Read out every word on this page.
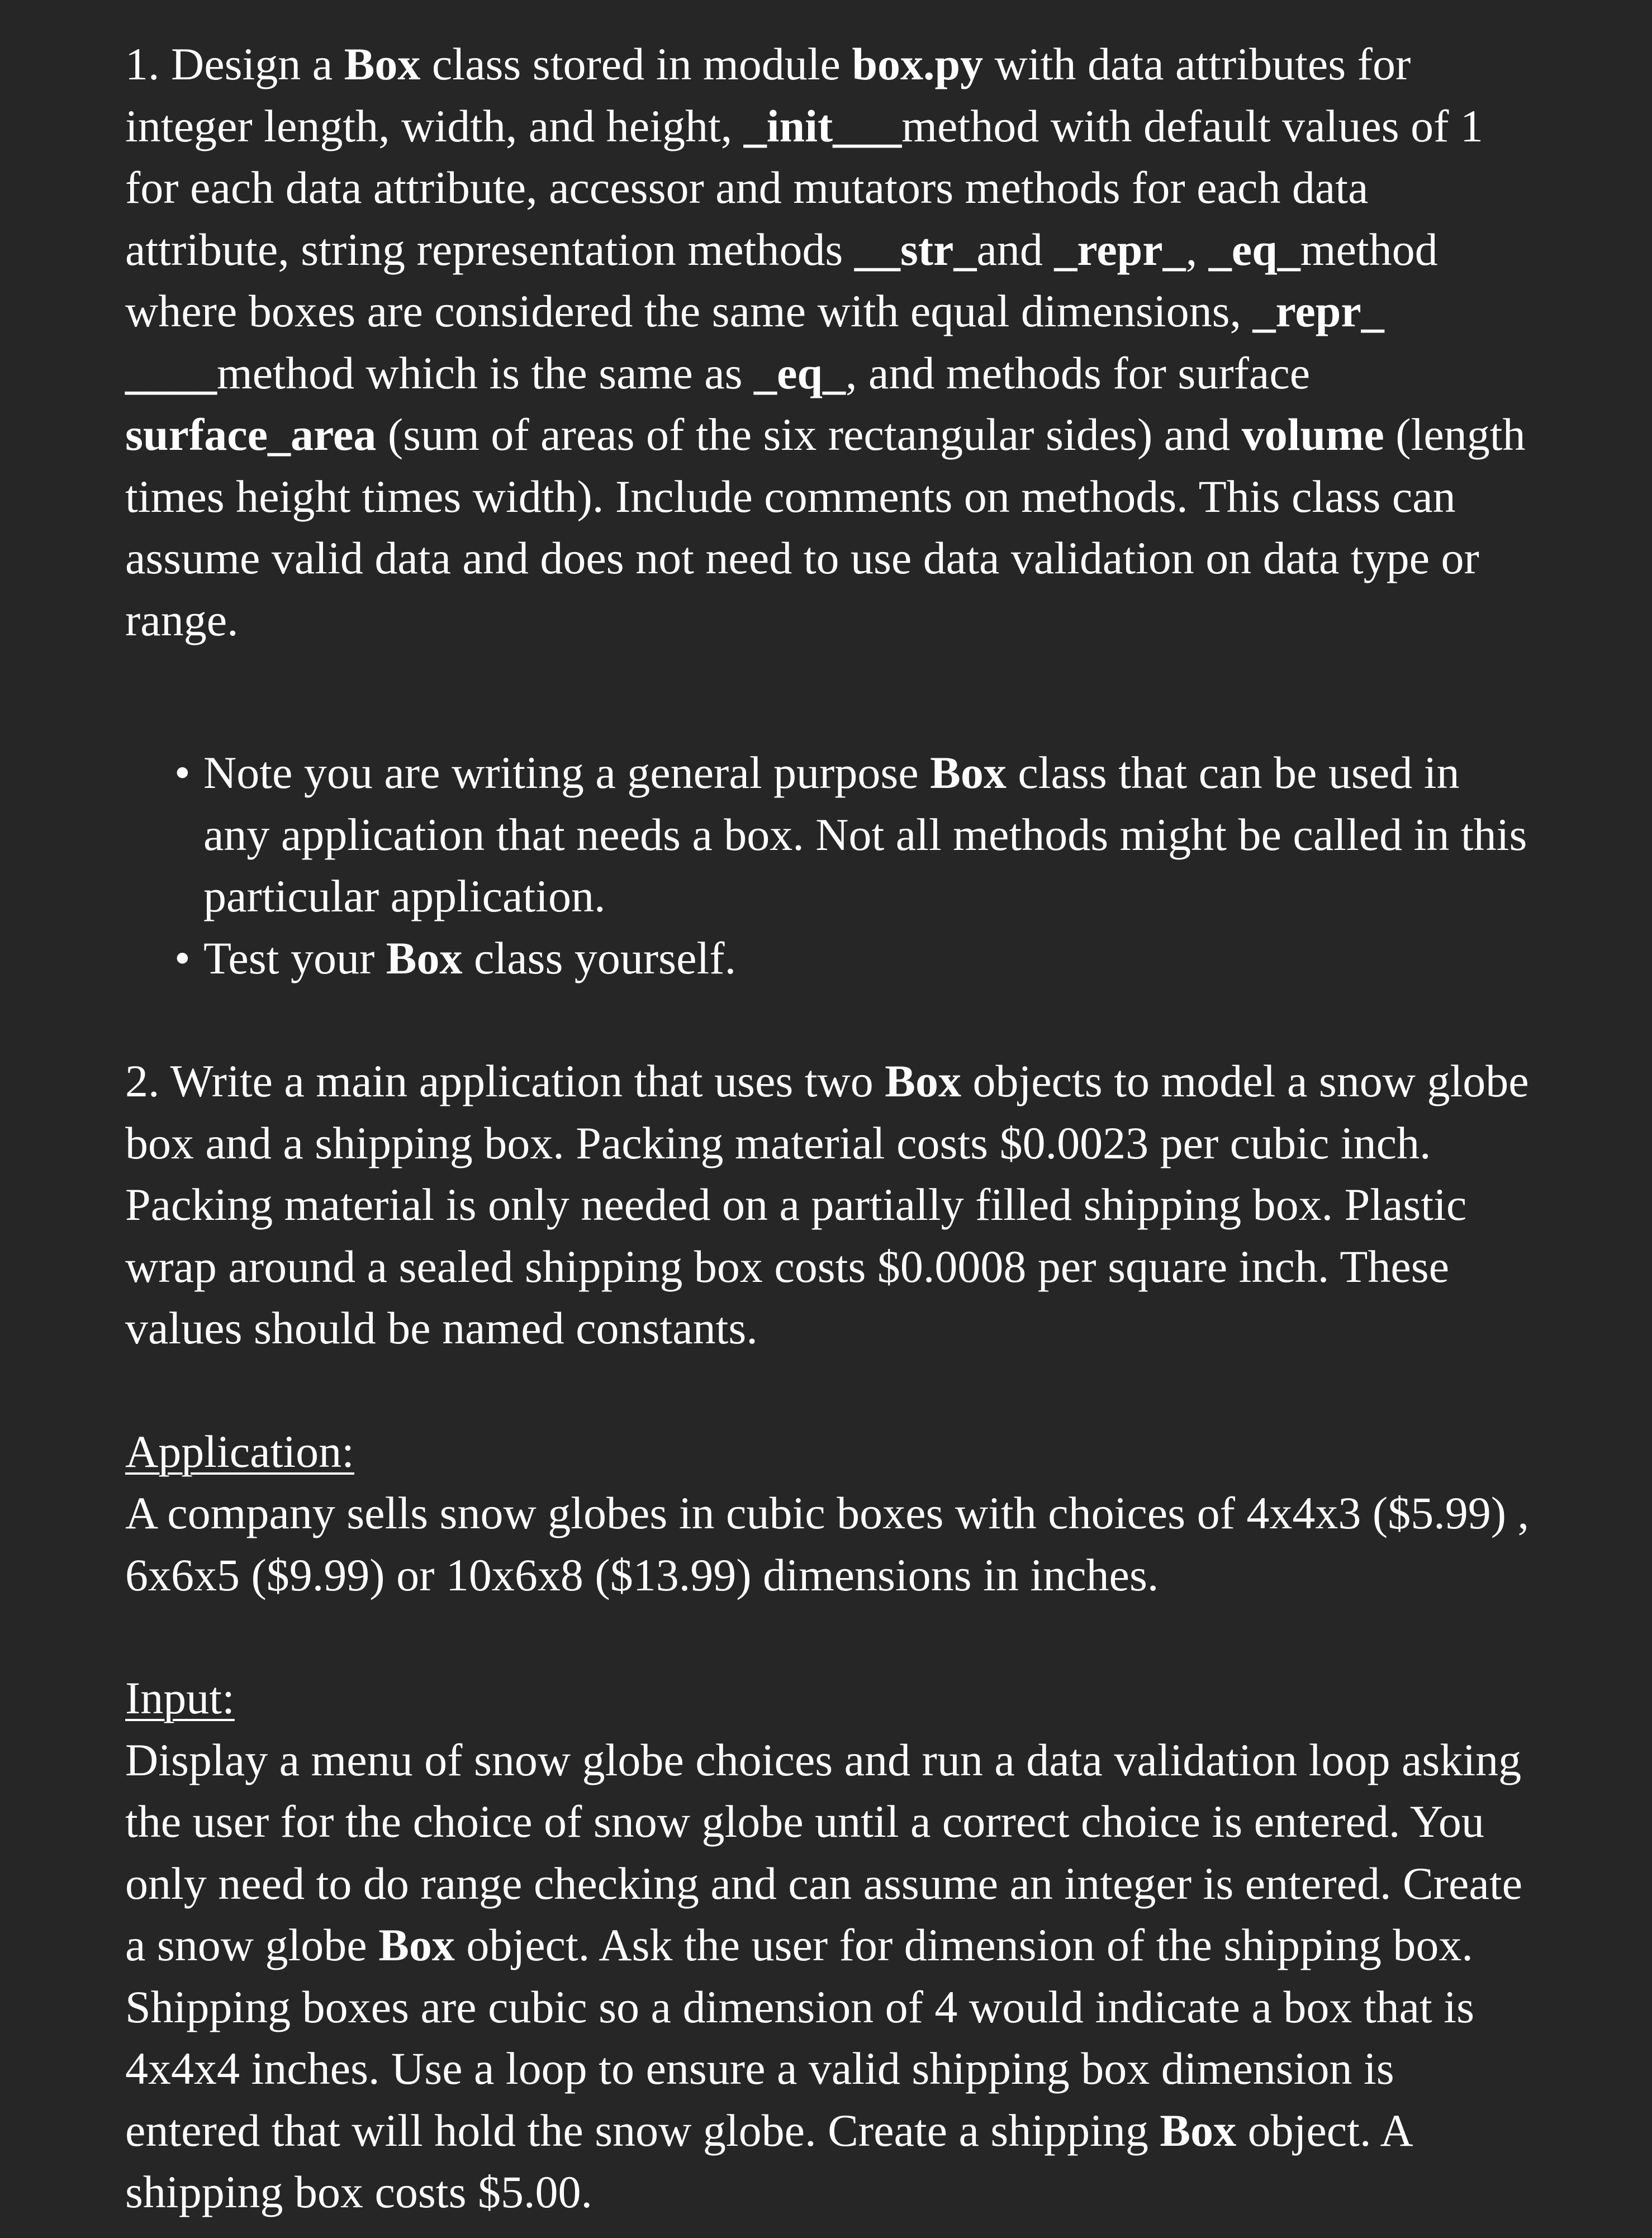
1. Design a Box class stored in module box.py with data attributes for integer length, width, and height, _init___method with default values of 1 for each data attribute, accessor and mutators methods for each data attribute, string representation methods __str_and _repr_, _eq_method where boxes are considered the same with equal dimensions, _repr_ ____method which is the same as _eq_, and methods for surface surface_area (sum of areas of the six rectangular sides) and volume (length times height times width). Include comments on methods. This class can assume valid data and does not need to use data validation on data type or range.

• Note you are writing a general purpose Box class that can be used in any application that needs a box. Not all methods might be called in this particular application.
• Test your Box class yourself.

2. Write a main application that uses two Box objects to model a snow globe box and a shipping box. Packing material costs $0.0023 per cubic inch. Packing material is only needed on a partially filled shipping box. Plastic wrap around a sealed shipping box costs $0.0008 per square inch. These values should be named constants.

Application:
A company sells snow globes in cubic boxes with choices of 4x4x3 ($5.99) , 6x6x5 ($9.99) or 10x6x8 ($13.99) dimensions in inches.

Input:
Display a menu of snow globe choices and run a data validation loop asking the user for the choice of snow globe until a correct choice is entered. You only need to do range checking and can assume an integer is entered. Create a snow globe Box object. Ask the user for dimension of the shipping box. Shipping boxes are cubic so a dimension of 4 would indicate a box that is 4x4x4 inches. Use a loop to ensure a valid shipping box dimension is entered that will hold the snow globe. Create a shipping Box object. A shipping box costs $5.00.
